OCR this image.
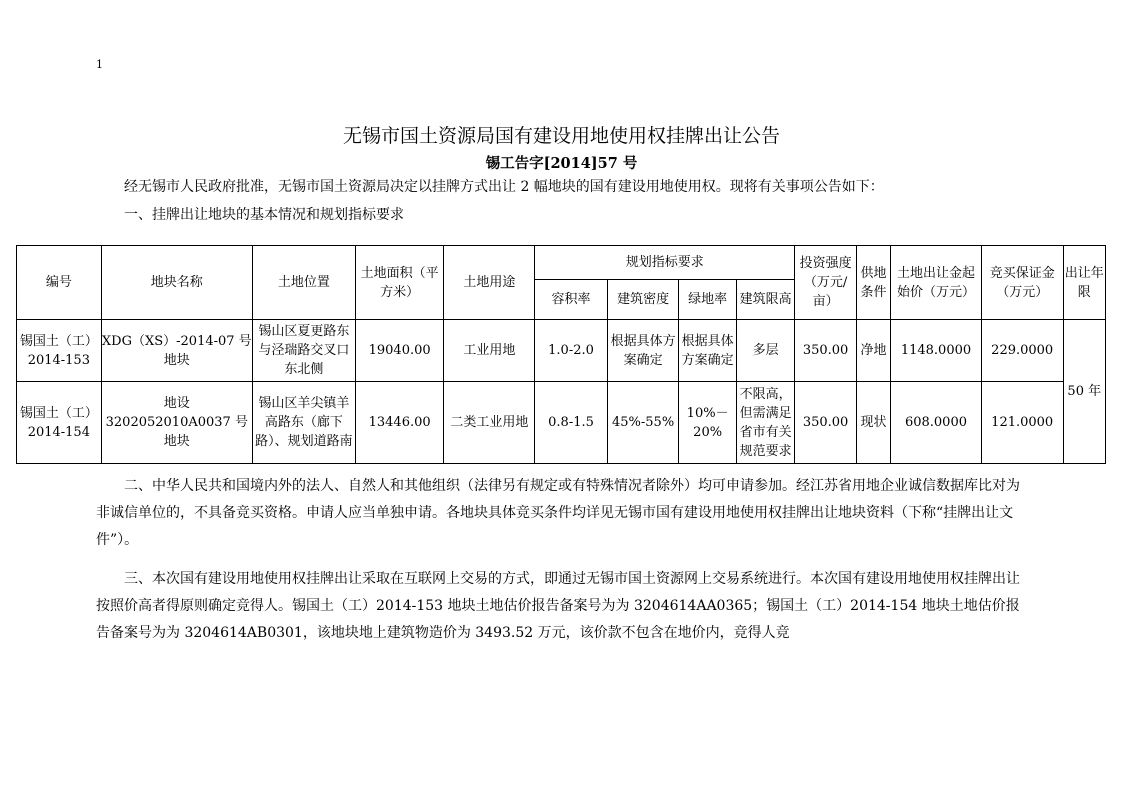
1
无锡市国土资源局国有建设用地使用权挂牌出让公告
锡工告字[2014]57 号

经无锡市人民政府批准，无锡市国土资源局决定以挂牌方式出让 2 幅地块的国有建设用地使用权。现将有关事项公告如下：

一、挂牌出让地块的基本情况和规划指标要求

编号	地块名称	土地位置	土地面积（平方米）	土地用途	规划指标要求				投资强度（万元/亩）	供地条件	土地出让金起始价（万元）	竞买保证金（万元）	出让年限
					容积率	建筑密度	绿地率	建筑限高					
锡国土（工）2014-153	XDG（XS）-2014-07 号地块	锡山区夏更路东与泾瑞路交叉口东北侧	19040.00	工业用地	1.0-2.0	根据具体方案确定	根据具体方案确定	多层	350.00	净地	1148.0000	229.0000	50 年
锡国土（工）2014-154	地设 3202052010A0037 号地块	锡山区羊尖镇羊高路东（廊下路）、规划道路南	13446.00	二类工业用地	0.8-1.5	45%-55%	10%－20%	不限高，但需满足省市有关规范要求	350.00	现状	608.0000	121.0000	

二、中华人民共和国境内外的法人、自然人和其他组织（法律另有规定或有特殊情况者除外）均可申请参加。经江苏省用地企业诚信数据库比对为非诚信单位的，不具备竞买资格。申请人应当单独申请。各地块具体竞买条件均详见无锡市国有建设用地使用权挂牌出让地块资料（下称“挂牌出让文件”）。

三、本次国有建设用地使用权挂牌出让采取在互联网上交易的方式，即通过无锡市国土资源网上交易系统进行。本次国有建设用地使用权挂牌出让按照价高者得原则确定竞得人。锡国土（工）2014-153 地块土地估价报告备案号为为 3204614AA0365；锡国土（工）2014-154 地块土地估价报告备案号为为 3204614AB0301，该地块地上建筑物造价为 3493.52 万元，该价款不包含在地价内，竞得人竞
